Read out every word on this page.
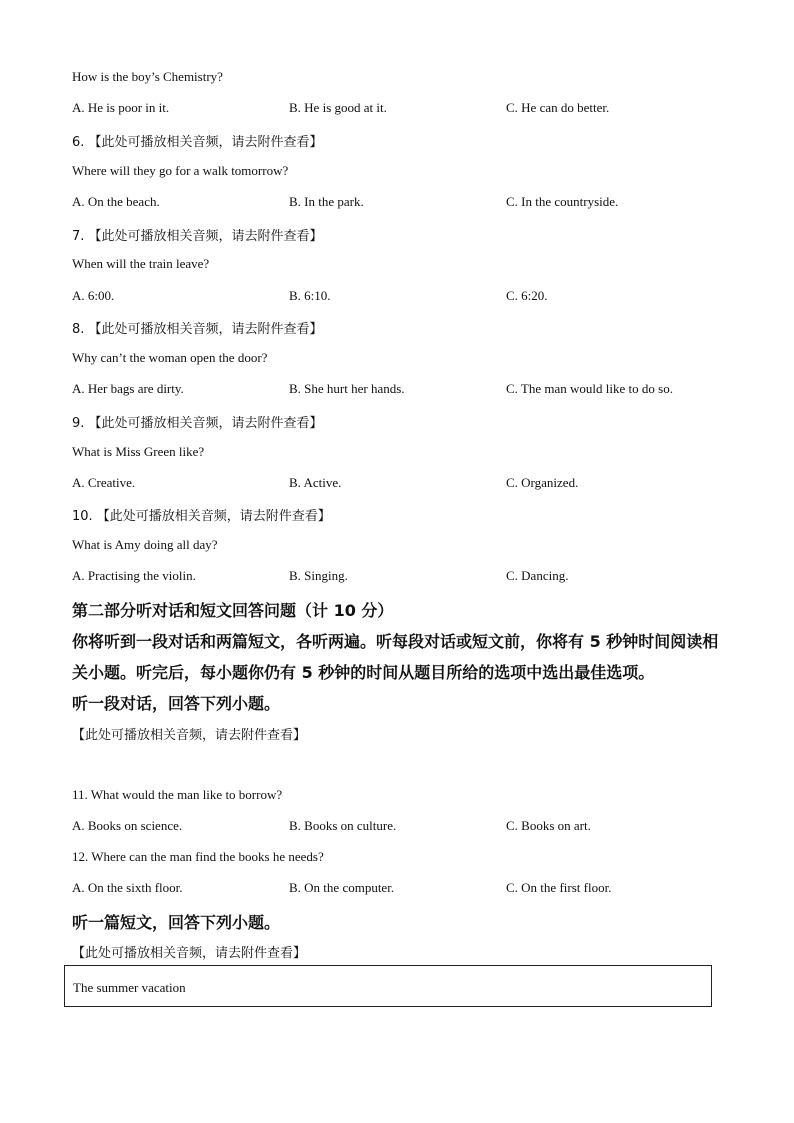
How is the boy’s Chemistry?
A. He is poor in it.	B. He is good at it.	C. He can do better.
6. 【此处可播放相关音频，请去附件查看】
Where will they go for a walk tomorrow?
A. On the beach.	B. In the park.	C. In the countryside.
7. 【此处可播放相关音频，请去附件查看】
When will the train leave?
A. 6:00.	B. 6:10.	C. 6:20.
8. 【此处可播放相关音频，请去附件查看】
Why can’t the woman open the door?
A. Her bags are dirty.	B. She hurt her hands.	C. The man would like to do so.
9. 【此处可播放相关音频，请去附件查看】
What is Miss Green like?
A. Creative.	B. Active.	C. Organized.
10. 【此处可播放相关音频，请去附件查看】
What is Amy doing all day?
A. Practising the violin.	B. Singing.	C. Dancing.
第二部分听对话和短文回答问题（计 10 分）
你将听到一段对话和两篇短文，各听两遍。听每段对话或短文前，你将有 5 秒钟时间阅读相
关小题。听完后，每小题你仍有 5 秒钟的时间从题目所给的选项中选出最佳选项。
听一段对话，回答下列小题。
【此处可播放相关音频，请去附件查看】
11. What would the man like to borrow?
A. Books on science.	B. Books on culture.	C. Books on art.
12. Where can the man find the books he needs?
A. On the sixth floor.	B. On the computer.	C. On the first floor.
听一篇短文，回答下列小题。
【此处可播放相关音频，请去附件查看】
The summer vacation
